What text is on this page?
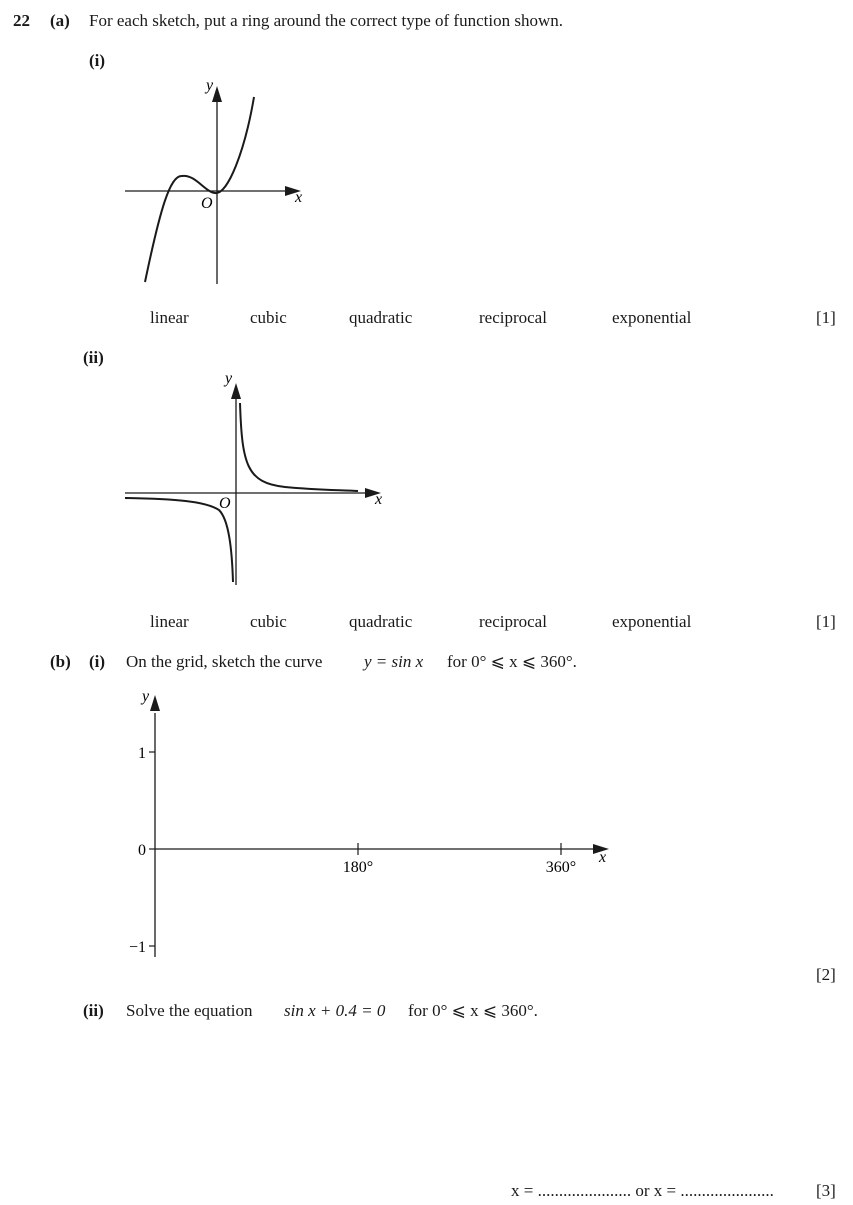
22 (a) For each sketch, put a ring around the correct type of function shown.
(i)
y
x
O
linear	cubic	quadratic	reciprocal	exponential	[1]
(ii)
y
x
O
linear	cubic	quadratic	reciprocal	exponential	[1]
(b) (i) On the grid, sketch the curve y = sin x for 0° ⩽ x ⩽ 360°.
y
x
1
0
−1
180°	360°
[2]
(ii) Solve the equation sin x + 0.4 = 0 for 0° ⩽ x ⩽ 360°.
x = ...................... or x = ...................... [3]
